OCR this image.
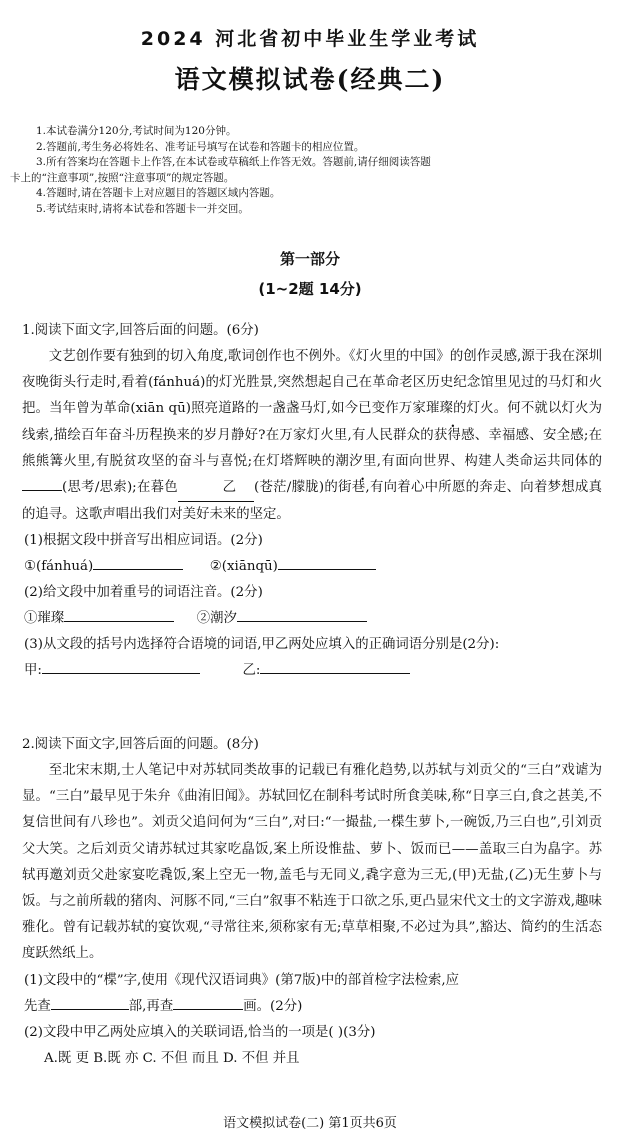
2024 河北省初中毕业生学业考试
语文模拟试卷(经典二)

1.本试卷满分120分,考试时间为120分钟。

2.答题前,考生务必将姓名、准考证号填写在试卷和答题卡的相应位置。

3.所有答案均在答题卡上作答,在本试卷或草稿纸上作答无效。答题前,请仔细阅读答题

卡上的“注意事项”,按照“注意事项”的规定答题。

4.答题时,请在答题卡上对应题目的答题区域内答题。

5.考试结束时,请将本试卷和答题卡一并交回。

第一部分
(1~2题 14分)

1.阅读下面文字,回答后面的问题。(6分)

文艺创作要有独到的切入角度,歌词创作也不例外。《灯火里的中国》的创作灵感,源于我在深圳夜晚街头行走时,看着(fánhuá)的灯光胜景,突然想起自己在革命老区历史纪念馆里见过的马灯和火把。当年曾为革命(xiān qū)照亮道路的一盏盏马灯,如今已变作万家璀璨的灯火。何不就以灯火为线索,描绘百年奋斗历程换来的岁月静好?在万家灯火里,有人民群众的获得感、幸福感、安全感;在熊熊篝火里,有脱贫攻坚的奋斗与喜悦;在灯塔辉映的潮汐里,有面向世界、构建人类命运共同体的(思考/思索);在暮色	乙 (苍茫/朦胧)的街巷,有向着心中所愿的奔走、向着梦想成真的追寻。这歌声唱出我们对美好未来的坚定。

(1)根据文段中拼音写出相应词语。(2分)

①(fánhuá)	②(xiānqū)

(2)给文段中加着重号的词语注音。(2分)

①璀璨	②潮汐

(3)从文段的括号内选择符合语境的词语,甲乙两处应填入的正确词语分别是(2分):

甲:	乙:

2.阅读下面文字,回答后面的问题。(8分)

至北宋末期,士人笔记中对苏轼同类故事的记载已有雅化趋势,以苏轼与刘贡父的“三白”戏谑为显。“三白”最早见于朱弁《曲洧旧闻》。苏轼回忆在制科考试时所食美味,称“日享三白,食之甚美,不复信世间有八珍也”。刘贡父追问何为“三白”,对曰:“一撮盐,一楪生萝卜,一碗饭,乃三白也”,引刘贡父大笑。之后刘贡父请苏轼过其家吃皛饭,案上所设惟盐、萝卜、饭而已——盖取三白为皛字。苏轼再邀刘贡父赴家宴吃毳饭,案上空无一物,盖毛与无同义,毳字意为三无,(甲)无盐,(乙)无生萝卜与饭。与之前所载的猪肉、河豚不同,“三白”叙事不粘连于口欲之乐,更凸显宋代文士的文字游戏,趣味雅化。曾有记载苏轼的宴饮观,“寻常往来,须称家有无;草草相聚,不必过为具”,豁达、简约的生活态度跃然纸上。

(1)文段中的“楪”字,使用《现代汉语词典》(第7版)中的部首检字法检索,应

先查	部,再查	画。(2分)

(2)文段中甲乙两处应填入的关联词语,恰当的一项是( )(3分)

A.既 更 B.既 亦 C. 不但 而且 D. 不但 并且

语文模拟试卷(二) 第1页共6页
